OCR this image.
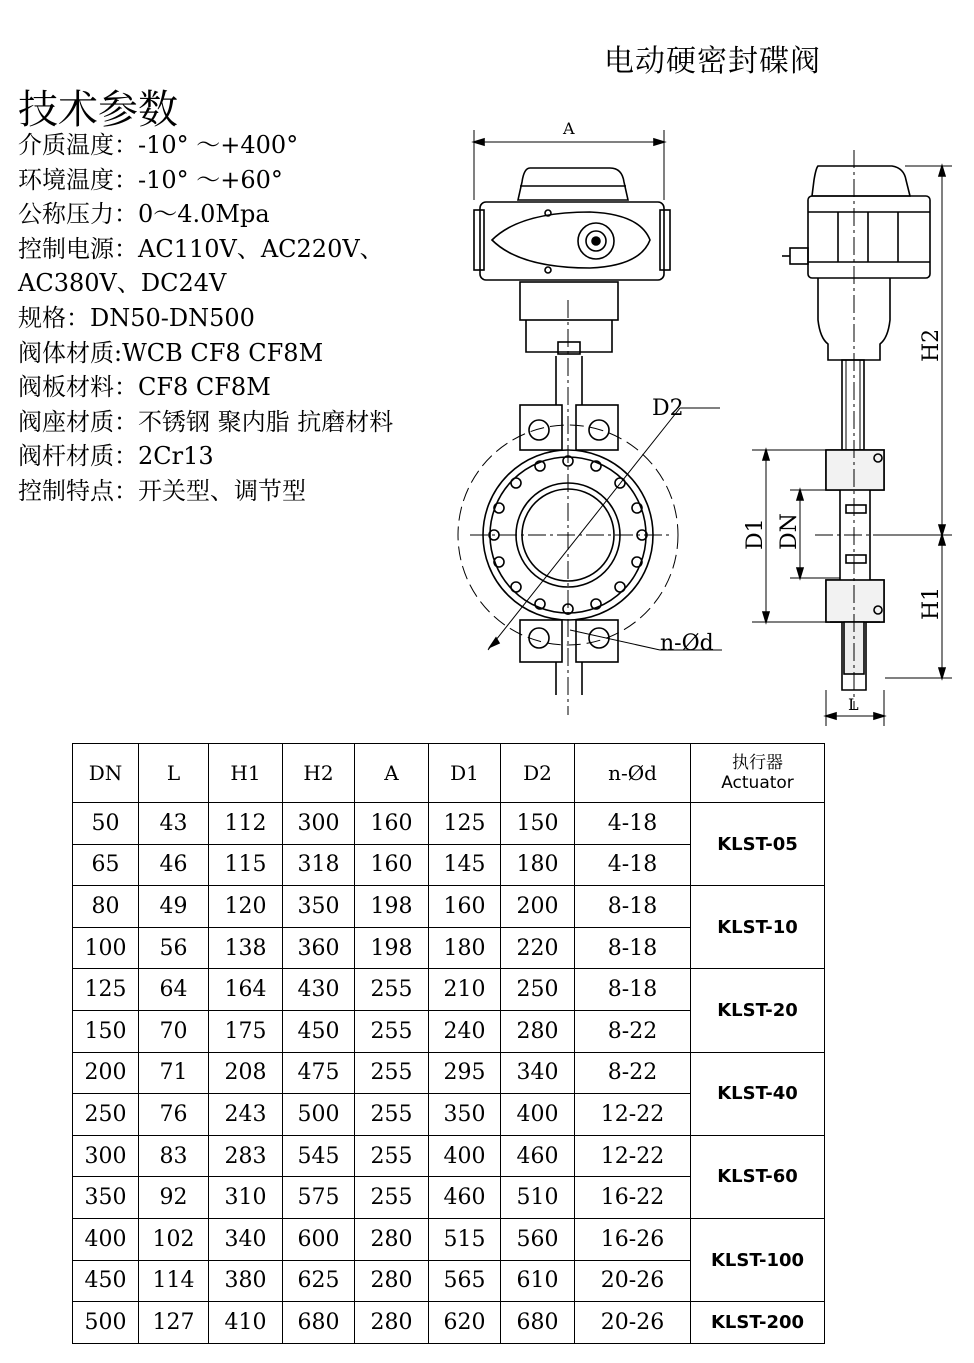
电动硬密封碟阀
技术参数
介质温度：-10° ～+400°
环境温度：-10° ～+60°
公称压力：0～4.0Mpa
控制电源：AC110V、AC220V、
AC380V、DC24V
规格：DN50-DN500
阀体材质:WCB CF8 CF8M
阀板材料：CF8 CF8M
阀座材质：不锈钢 聚内脂 抗磨材料
阀杆材质：2Cr13
控制特点：开关型、调节型
A
D2
n-Ød
H2
H1
D1 DN
L
DN	L	H1	H2	A	D1	D2	n-Ød	执行器
Actuator

50	43	112	300	160	125	150	4-18	KLST-05
65	46	115	318	160	145	180	4-18	
80	49	120	350	198	160	200	8-18	KLST-10
100	56	138	360	198	180	220	8-18	
125	64	164	430	255	210	250	8-18	KLST-20
150	70	175	450	255	240	280	8-22	
200	71	208	475	255	295	340	8-22	KLST-40
250	76	243	500	255	350	400	12-22	
300	83	283	545	255	400	460	12-22	KLST-60
350	92	310	575	255	460	510	16-22	
400	102	340	600	280	515	560	16-26	KLST-100
450	114	380	625	280	565	610	20-26	
500	127	410	680	280	620	680	20-26	KLST-200
